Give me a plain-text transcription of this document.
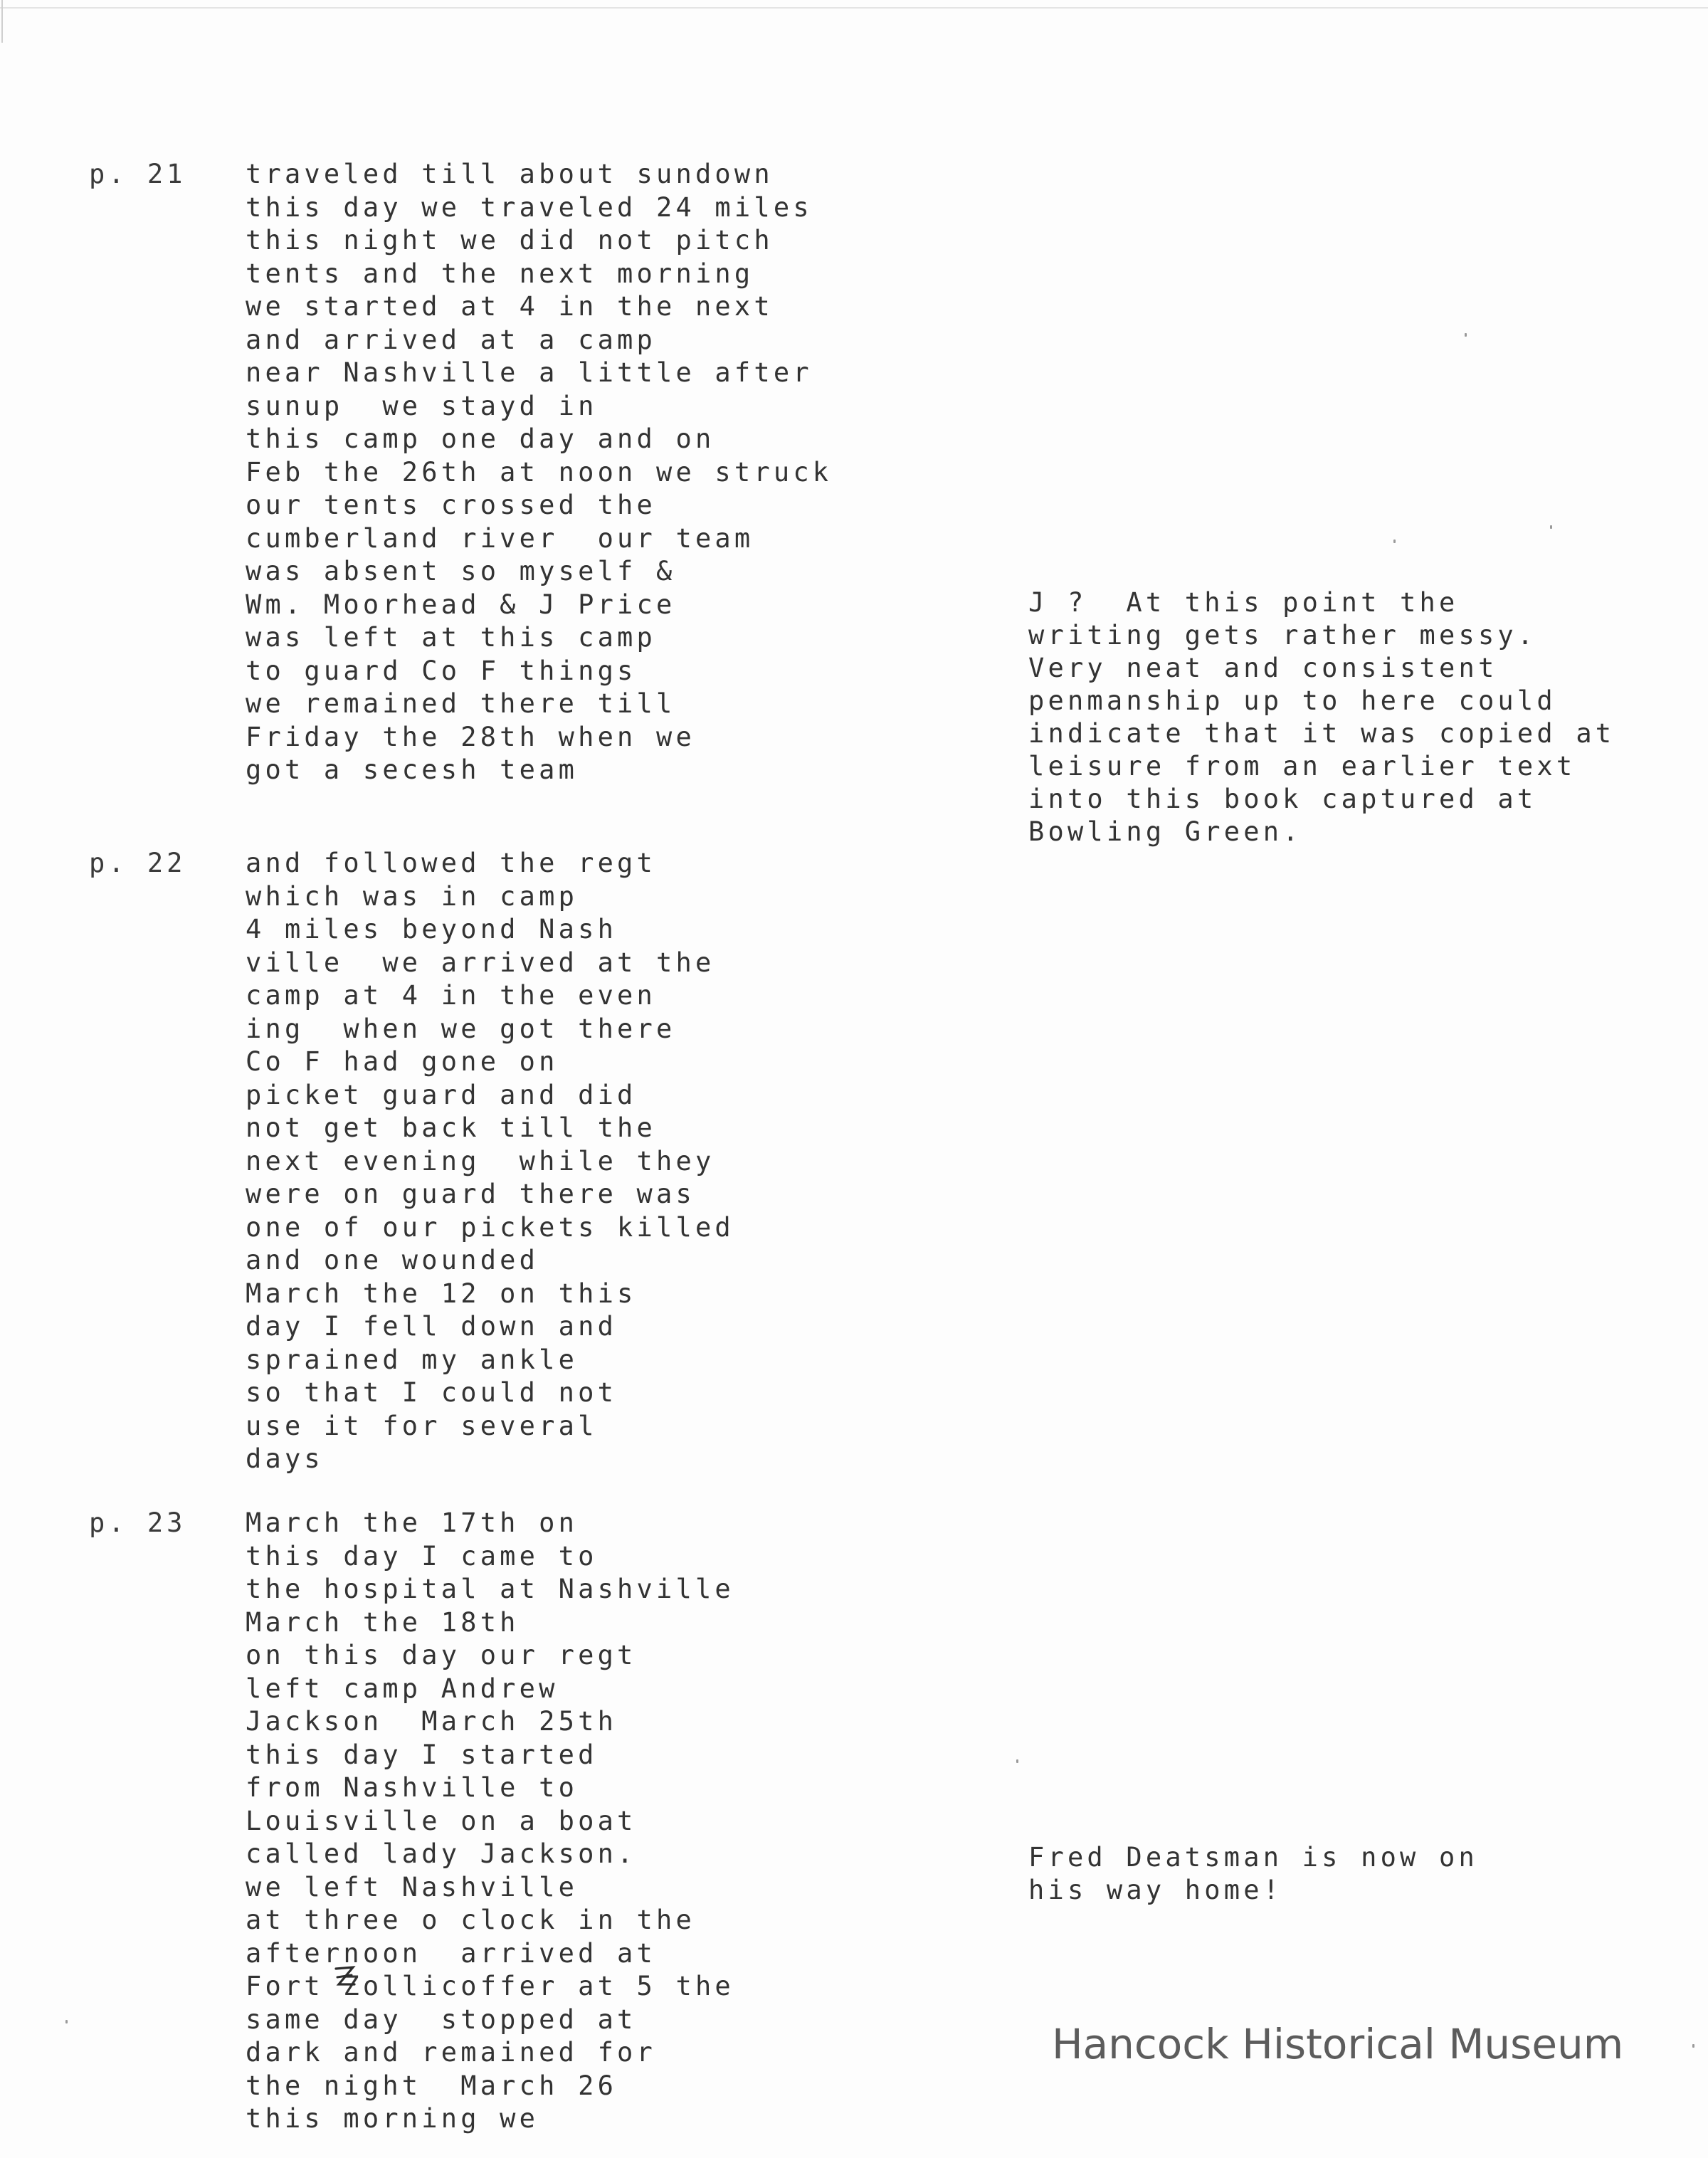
p. 21 traveled till about sundown
this day we traveled 24 miles
this night we did not pitch
tents and the next morning
we started at 4 in the next
and arrived at a camp
near Nashville a little after
sunup  we stayd in
this camp one day and on
Feb the 26th at noon we struck
our tents crossed the
cumberland river  our team
was absent so myself &
Wm. Moorhead & J Price
was left at this camp
to guard Co F things
we remained there till
Friday the 28th when we
got a secesh team
p. 22 and followed the regt
which was in camp
4 miles beyond Nash
ville  we arrived at the
camp at 4 in the even
ing  when we got there
Co F had gone on
picket guard and did
not get back till the
next evening  while they
were on guard there was
one of our pickets killed
and one wounded
March the 12 on this
day I fell down and
sprained my ankle
so that I could not
use it for several
days
p. 23 March the 17th on
this day I came to
the hospital at Nashville
March the 18th
on this day our regt
left camp Andrew
Jackson  March 25th
this day I started
from Nashville to
Louisville on a boat
called lady Jackson.
we left Nashville
at three o clock in the
afternoon  arrived at
Fort Zollicoffer at 5 the
same day  stopped at
dark and remained for
the night  March 26
this morning we
J ?  At this point the
writing gets rather messy.
Very neat and consistent
penmanship up to here could
indicate that it was copied at
leisure from an earlier text
into this book captured at
Bowling Green.
Fred Deatsman is now on
his way home!
Hancock Historical Museum
